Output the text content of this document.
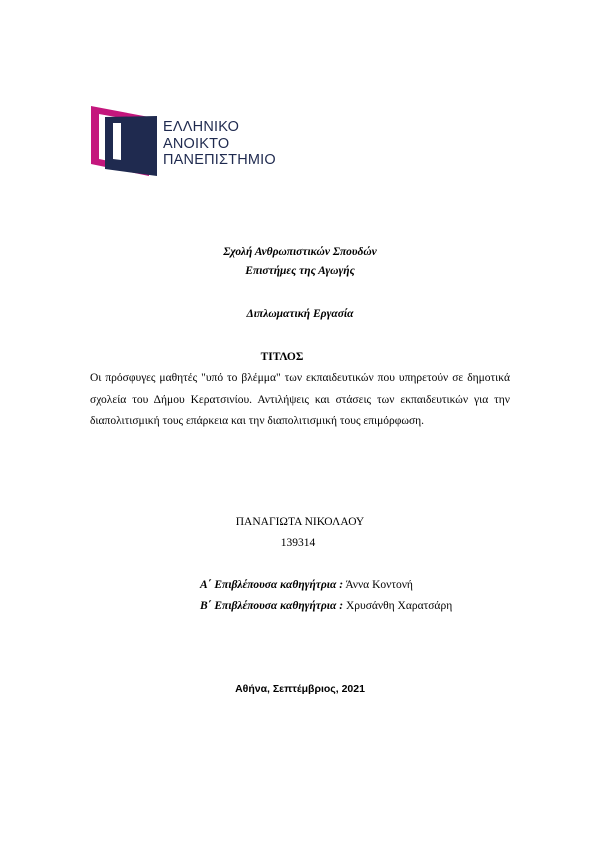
ΕΛΛΗΝΙΚΟ
ΑΝΟΙΚΤΟ
ΠΑΝΕΠΙΣΤΗΜΙΟ
Σχολή Ανθρωπιστικών Σπουδών
Επιστήμες της Αγωγής
Διπλωματική Εργασία
ΤΙΤΛΟΣ
Οι πρόσφυγες μαθητές "υπό το βλέμμα" των εκπαιδευτικών που υπηρετούν σε δημοτικά σχολεία του Δήμου Κερατσινίου. Αντιλήψεις και στάσεις των εκπαιδευτικών για την διαπολιτισμική τους επάρκεια και την διαπολιτισμική τους επιμόρφωση.
ΠΑΝΑΓΙΩΤΑ ΝΙΚΟΛΑΟΥ
139314
Α΄ Επιβλέπουσα καθηγήτρια : Άννα Κοντονή
Β΄ Επιβλέπουσα καθηγήτρια : Χρυσάνθη Χαρατσάρη
Αθήνα, Σεπτέμβριος, 2021
